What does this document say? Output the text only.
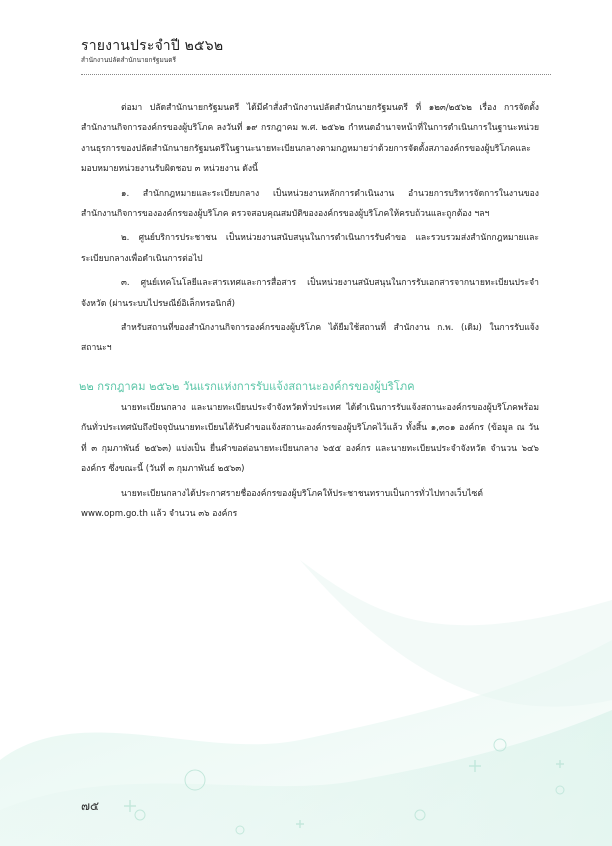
รายงานประจำปี ๒๕๖๒

สำนักงานปลัดสำนักนายกรัฐมนตรี

ต่อมา ปลัดสำนักนายกรัฐมนตรี ได้มีคำสั่งสำนักงานปลัดสำนักนายกรัฐมนตรี ที่ ๑๒๓/๒๕๖๒ เรื่อง การจัดตั้งสำนักงานกิจการองค์กรของผู้บริโภค ลงวันที่ ๑๙ กรกฎาคม พ.ศ. ๒๕๖๒ กำหนดอำนาจหน้าที่ในการดำเนินการในฐานะหน่วยงานธุรการของปลัดสำนักนายกรัฐมนตรีในฐานะนายทะเบียนกลางตามกฎหมายว่าด้วยการจัดตั้งสภาองค์กรของผู้บริโภคและมอบหมายหน่วยงานรับผิดชอบ ๓ หน่วยงาน ดังนี้

๑. สำนักกฎหมายและระเบียบกลาง เป็นหน่วยงานหลักการดำเนินงาน อำนวยการบริหารจัดการในงานของสำนักงานกิจการขององค์กรของผู้บริโภค ตรวจสอบคุณสมบัติขององค์กรของผู้บริโภคให้ครบถ้วนและถูกต้อง ฯลฯ

๒. ศูนย์บริการประชาชน เป็นหน่วยงานสนับสนุนในการดำเนินการรับคำขอ และรวบรวมส่งสำนักกฎหมายและระเบียบกลางเพื่อดำเนินการต่อไป

๓. ศูนย์เทคโนโลยีและสารเทศและการสื่อสาร เป็นหน่วยงานสนับสนุนในการรับเอกสารจากนายทะเบียนประจำจังหวัด (ผ่านระบบไปรษณีย์อิเล็กทรอนิกส์)

สำหรับสถานที่ของสำนักงานกิจการองค์กรของผู้บริโภค ได้ยืมใช้สถานที่ สำนักงาน ก.พ. (เดิม) ในการรับแจ้งสถานะฯ

๒๒ กรกฎาคม ๒๕๖๒ วันแรกแห่งการรับแจ้งสถานะองค์กรของผู้บริโภค

นายทะเบียนกลาง และนายทะเบียนประจำจังหวัดทั่วประเทศ ได้ดำเนินการรับแจ้งสถานะองค์กรของผู้บริโภคพร้อมกันทั่วประเทศนับถึงปัจจุบันนายทะเบียนได้รับคำขอแจ้งสถานะองค์กรของผู้บริโภคไว้แล้ว ทั้งสิ้น ๑,๓๐๑ องค์กร (ข้อมูล ณ วันที่ ๓ กุมภาพันธ์ ๒๕๖๓) แบ่งเป็น ยื่นคำขอต่อนายทะเบียนกลาง ๖๕๕ องค์กร และนายทะเบียนประจำจังหวัด จำนวน ๖๔๖ องค์กร ซึ่งขณะนี้ (วันที่ ๓ กุมภาพันธ์ ๒๕๖๓)

นายทะเบียนกลางได้ประกาศรายชื่อองค์กรของผู้บริโภคให้ประชาชนทราบเป็นการทั่วไปทางเว็บไซต์ www.opm.go.th แล้ว จำนวน ๓๖ องค์กร

๗๕
